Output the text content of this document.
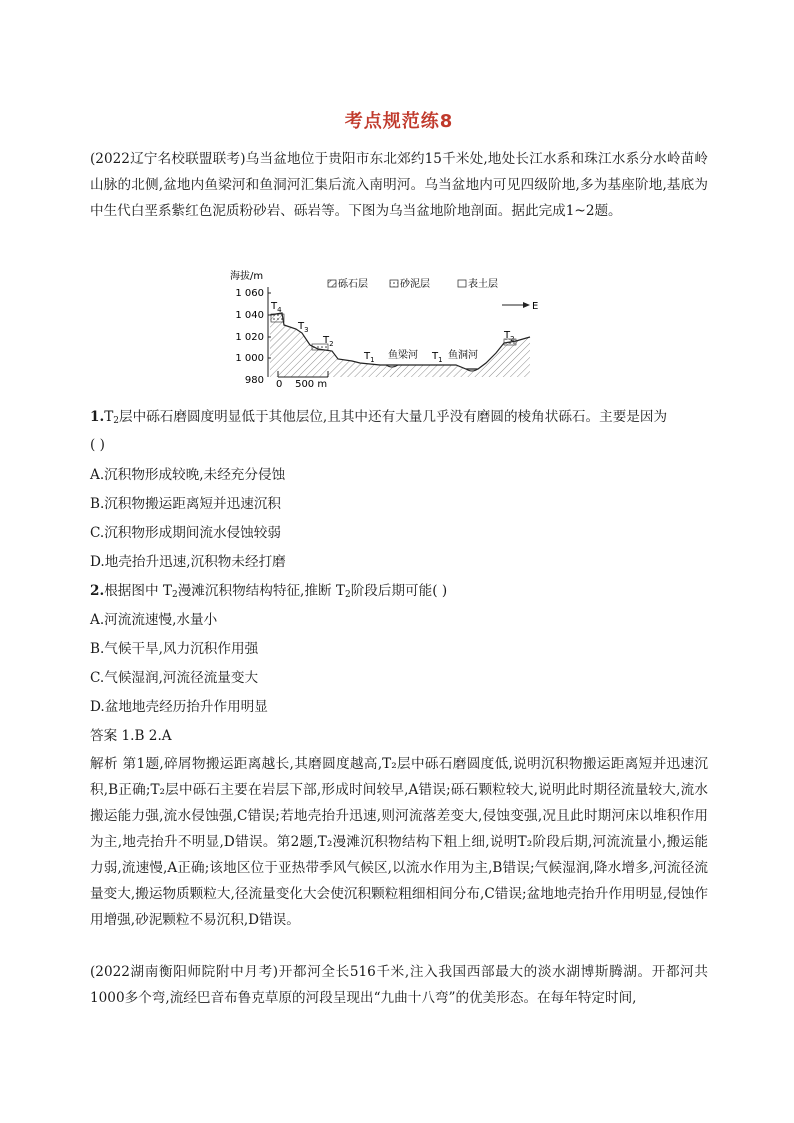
考点规范练8
(2022辽宁名校联盟联考)乌当盆地位于贵阳市东北郊约15千米处,地处长江水系和珠江水系分水岭苗岭山脉的北侧,盆地内鱼梁河和鱼洞河汇集后流入南明河。乌当盆地内可见四级阶地,多为基座阶地,基底为中生代白垩系紫红色泥质粉砂岩、砾岩等。下图为乌当盆地阶地剖面。据此完成1~2题。
海拔/m
1 060
1 040
1 020
1 000
980 0    500 m
砾石层	砂泥层	表土层
E
$T_4$
$T_3$
$T_2$
$T_1$	$T_1$
$T_2$
鱼梁河	鱼洞河
$1.T_2$层中砾石磨圆度明显低于其他层位,且其中还有大量几乎没有磨圆的棱角状砾石。主要是因为
( )
A.沉积物形成较晚,未经充分侵蚀
B.沉积物搬运距离短并迅速沉积
C.沉积物形成期间流水侵蚀较弱
D.地壳抬升迅速,沉积物未经打磨
2.根据图中 $T_2$漫滩沉积物结构特征,推断 $T_2$阶段后期可能( )
A.河流流速慢,水量小
B.气候干旱,风力沉积作用强
C.气候湿润,河流径流量变大
D.盆地地壳经历抬升作用明显
答案 1.B 2.A
解析 第1题,碎屑物搬运距离越长,其磨圆度越高,T₂层中砾石磨圆度低,说明沉积物搬运距离短并迅速沉积,B正确;T₂层中砾石主要在岩层下部,形成时间较早,A错误;砾石颗粒较大,说明此时期径流量较大,流水搬运能力强,流水侵蚀强,C错误;若地壳抬升迅速,则河流落差变大,侵蚀变强,况且此时期河床以堆积作用为主,地壳抬升不明显,D错误。第2题,T₂漫滩沉积物结构下粗上细,说明T₂阶段后期,河流流量小,搬运能力弱,流速慢,A正确;该地区位于亚热带季风气候区,以流水作用为主,B错误;气候湿润,降水增多,河流径流量变大,搬运物质颗粒大,径流量变化大会使沉积颗粒粗细相间分布,C错误;盆地地壳抬升作用明显,侵蚀作用增强,砂泥颗粒不易沉积,D错误。
(2022湖南衡阳师院附中月考)开都河全长516千米,注入我国西部最大的淡水湖博斯腾湖。开都河共1000多个弯,流经巴音布鲁克草原的河段呈现出“九曲十八弯”的优美形态。在每年特定时间,
